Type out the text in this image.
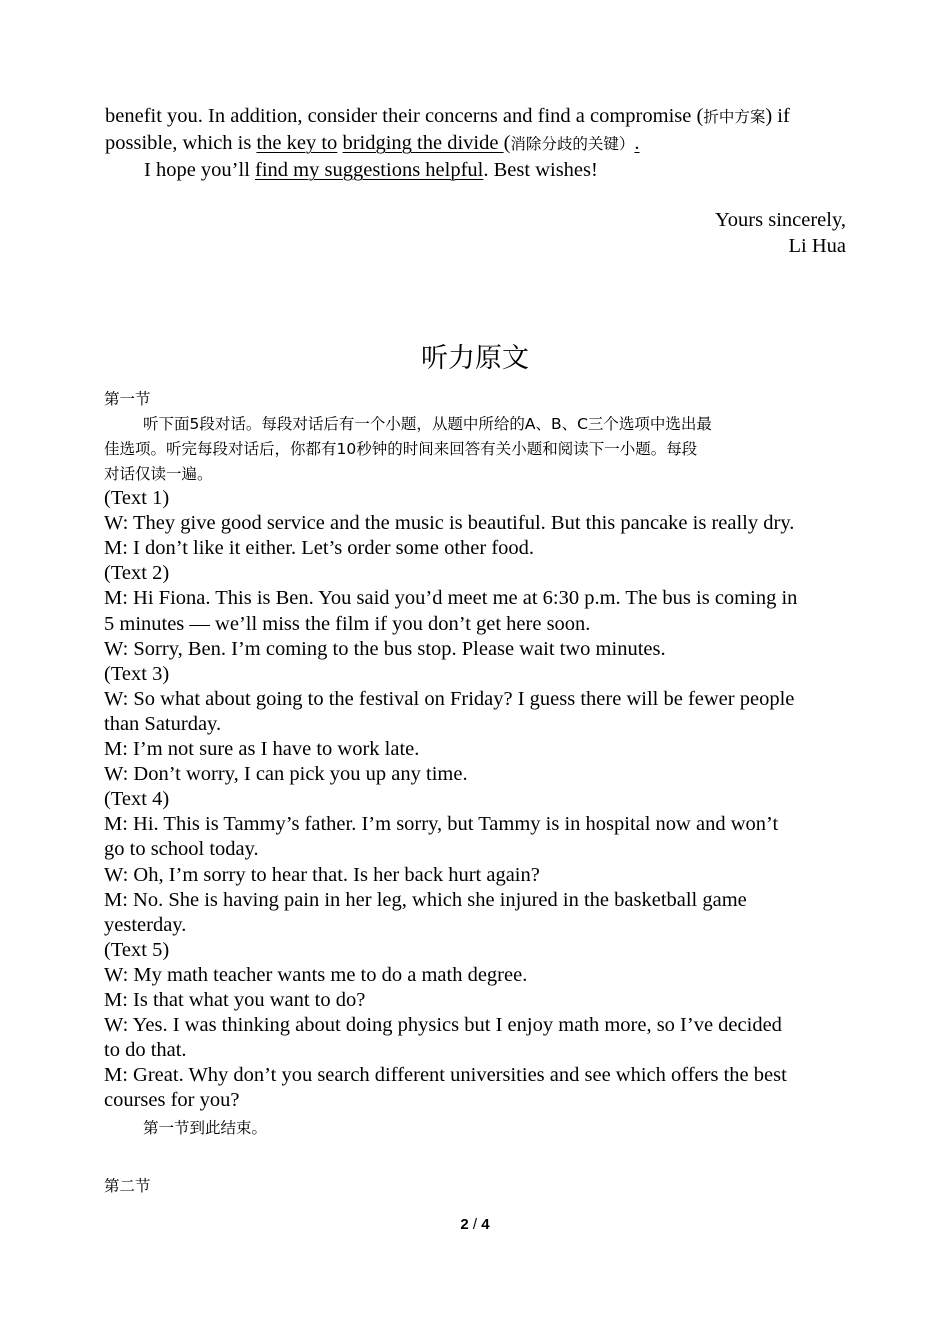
benefit you. In addition, consider their concerns and find a compromise (折中方案) if
possible, which is the key to bridging the divide (消除分歧的关键）.
I hope you’ll find my suggestions helpful. Best wishes!
Yours sincerely,
Li Hua
听力原文
第一节
听下面5段对话。每段对话后有一个小题，从题中所给的A、B、C三个选项中选出最
佳选项。听完每段对话后，你都有10秒钟的时间来回答有关小题和阅读下一小题。每段
对话仅读一遍。
(Text 1)
W: They give good service and the music is beautiful. But this pancake is really dry.
M: I don’t like it either. Let’s order some other food.
(Text 2)
M: Hi Fiona. This is Ben. You said you’d meet me at 6:30 p.m. The bus is coming in
5 minutes — we’ll miss the film if you don’t get here soon.
W: Sorry, Ben. I’m coming to the bus stop. Please wait two minutes.
(Text 3)
W: So what about going to the festival on Friday? I guess there will be fewer people
than Saturday.
M: I’m not sure as I have to work late.
W: Don’t worry, I can pick you up any time.
(Text 4)
M: Hi. This is Tammy’s father. I’m sorry, but Tammy is in hospital now and won’t
go to school today.
W: Oh, I’m sorry to hear that. Is her back hurt again?
M: No. She is having pain in her leg, which she injured in the basketball game
yesterday.
(Text 5)
W: My math teacher wants me to do a math degree.
M: Is that what you want to do?
W: Yes. I was thinking about doing physics but I enjoy math more, so I’ve decided
to do that.
M: Great. Why don’t you search different universities and see which offers the best
courses for you?
第一节到此结束。
第二节
2 / 4
